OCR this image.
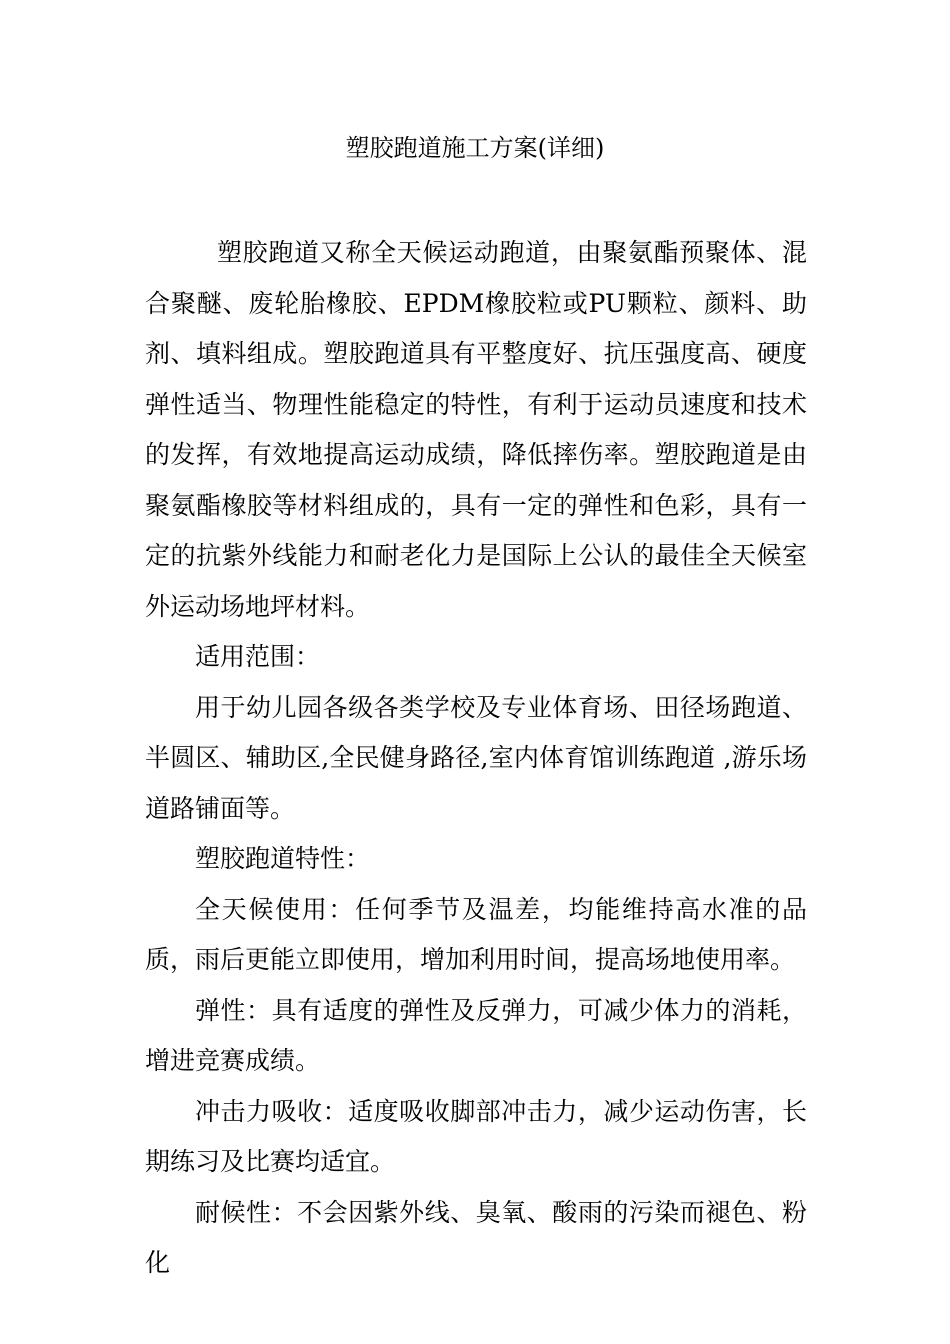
塑胶跑道施工方案(详细)

塑胶跑道又称全天候运动跑道，由聚氨酯预聚体、混合聚醚、废轮胎橡胶、EPDM橡胶粒或PU颗粒、颜料、助剂、填料组成。塑胶跑道具有平整度好、抗压强度高、硬度弹性适当、物理性能稳定的特性，有利于运动员速度和技术的发挥，有效地提高运动成绩，降低摔伤率。塑胶跑道是由聚氨酯橡胶等材料组成的，具有一定的弹性和色彩，具有一定的抗紫外线能力和耐老化力是国际上公认的最佳全天候室外运动场地坪材料。

适用范围：

用于幼儿园各级各类学校及专业体育场、田径场跑道、半圆区、辅助区,全民健身路径,室内体育馆训练跑道 ,游乐场道路铺面等。

塑胶跑道特性：

全天候使用：任何季节及温差，均能维持高水准的品质，雨后更能立即使用，增加利用时间，提高场地使用率。

弹性：具有适度的弹性及反弹力，可减少体力的消耗，增进竞赛成绩。

冲击力吸收：适度吸收脚部冲击力，减少运动伤害，长期练习及比赛均适宜。

耐候性：不会因紫外线、臭氧、酸雨的污染而褪色、粉化
